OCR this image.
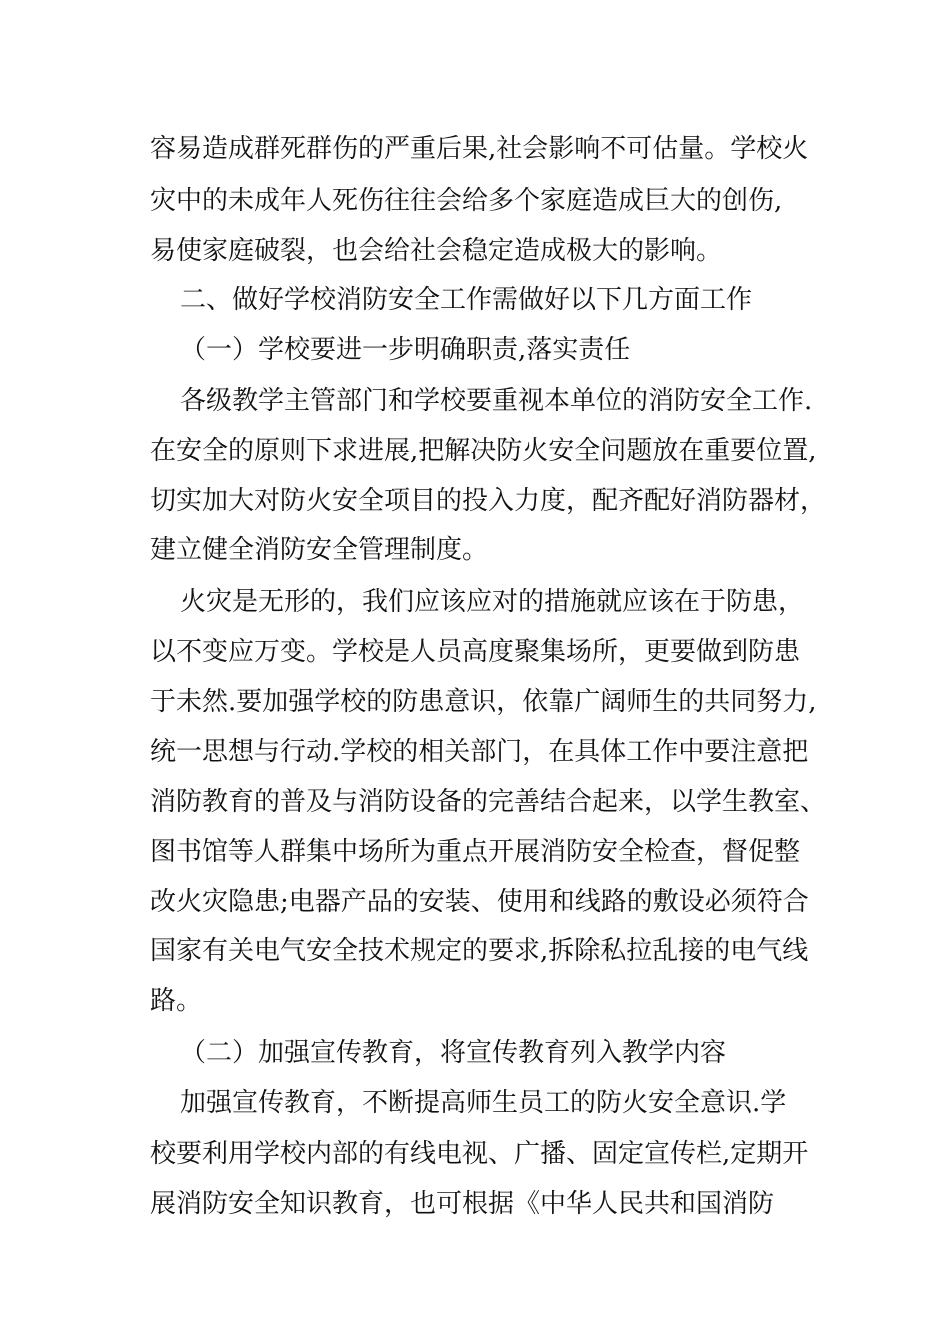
容易造成群死群伤的严重后果,社会影响不可估量。学校火

灾中的未成年人死伤往往会给多个家庭造成巨大的创伤,

易使家庭破裂，也会给社会稳定造成极大的影响。

二、做好学校消防安全工作需做好以下几方面工作

（一）学校要进一步明确职责,落实责任

各级教学主管部门和学校要重视本单位的消防安全工作.

在安全的原则下求进展,把解决防火安全问题放在重要位置,

切实加大对防火安全项目的投入力度，配齐配好消防器材，

建立健全消防安全管理制度。

火灾是无形的，我们应该应对的措施就应该在于防患，

以不变应万变。学校是人员高度聚集场所，更要做到防患

于未然.要加强学校的防患意识，依靠广阔师生的共同努力,

统一思想与行动.学校的相关部门，在具体工作中要注意把

消防教育的普及与消防设备的完善结合起来，以学生教室、

图书馆等人群集中场所为重点开展消防安全检查，督促整

改火灾隐患;电器产品的安装、使用和线路的敷设必须符合

国家有关电气安全技术规定的要求,拆除私拉乱接的电气线

路。

（二）加强宣传教育，将宣传教育列入教学内容

加强宣传教育，不断提高师生员工的防火安全意识.学

校要利用学校内部的有线电视、广播、固定宣传栏,定期开

展消防安全知识教育，也可根据《中华人民共和国消防
